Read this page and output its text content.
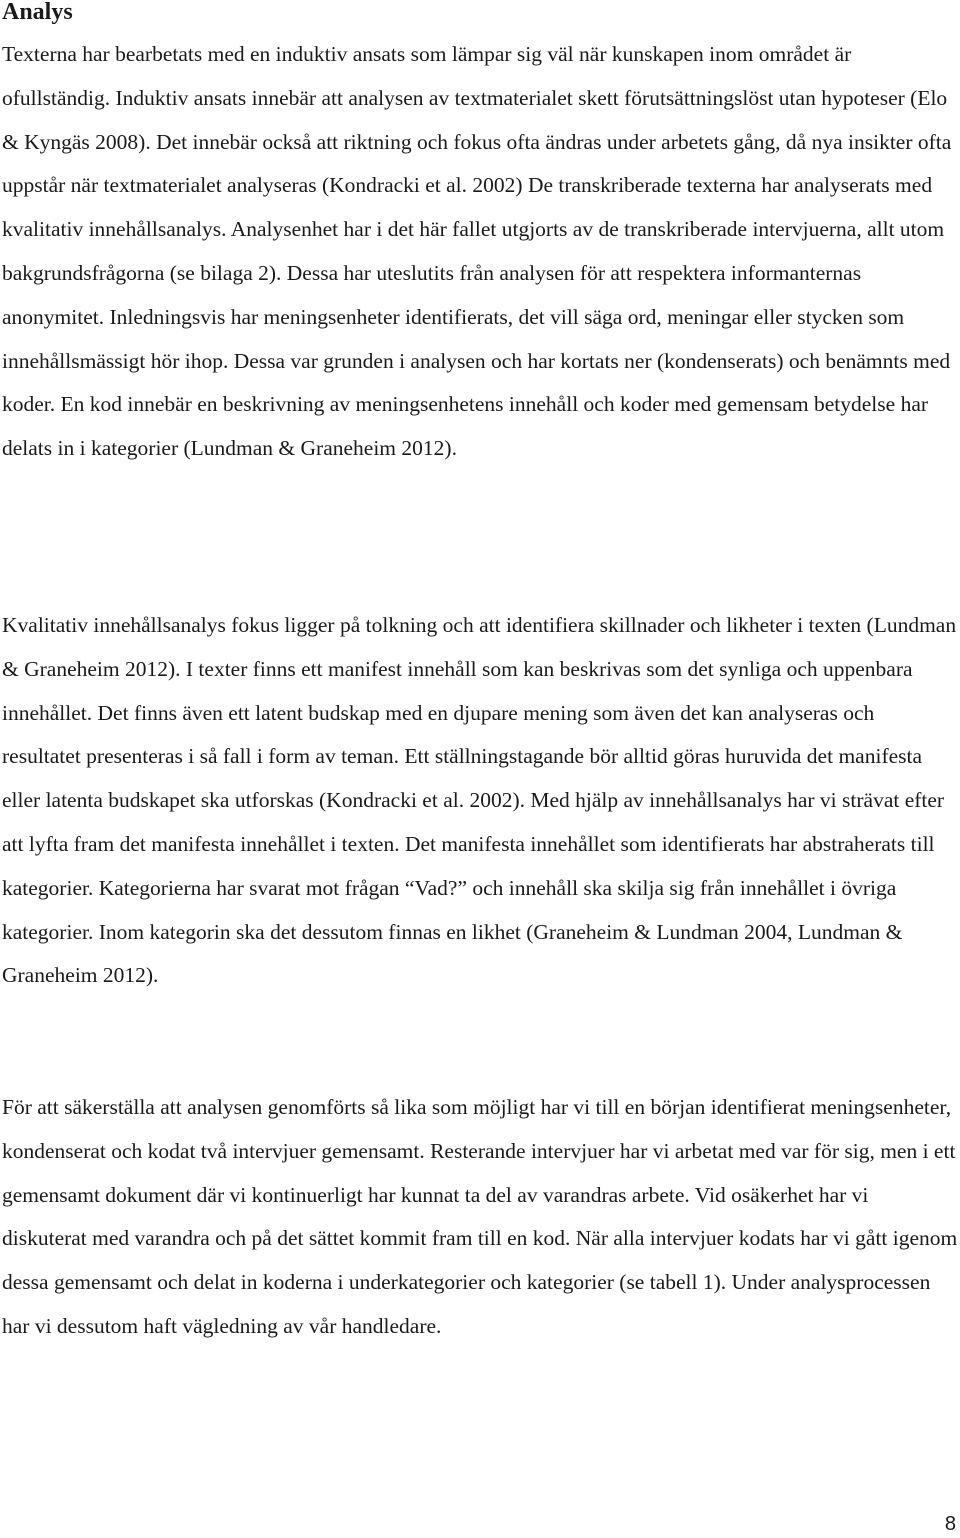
Analys

Texterna har bearbetats med en induktiv ansats som lämpar sig väl när kunskapen inom området är ofullständig. Induktiv ansats innebär att analysen av textmaterialet skett förutsättningslöst utan hypoteser (Elo & Kyngäs 2008). Det innebär också att riktning och fokus ofta ändras under arbetets gång, då nya insikter ofta uppstår när textmaterialet analyseras (Kondracki et al. 2002) De transkriberade texterna har analyserats med kvalitativ innehållsanalys. Analysenhet har i det här fallet utgjorts av de transkriberade intervjuerna, allt utom bakgrundsfrågorna (se bilaga 2). Dessa har uteslutits från analysen för att respektera informanternas anonymitet. Inledningsvis har meningsenheter identifierats, det vill säga ord, meningar eller stycken som innehållsmässigt hör ihop. Dessa var grunden i analysen och har kortats ner (kondenserats) och benämnts med koder. En kod innebär en beskrivning av meningsenhetens innehåll och koder med gemensam betydelse har delats in i kategorier (Lundman & Graneheim 2012).

Kvalitativ innehållsanalys fokus ligger på tolkning och att identifiera skillnader och likheter i texten (Lundman & Graneheim 2012). I texter finns ett manifest innehåll som kan beskrivas som det synliga och uppenbara innehållet. Det finns även ett latent budskap med en djupare mening som även det kan analyseras och resultatet presenteras i så fall i form av teman. Ett ställningstagande bör alltid göras huruvida det manifesta eller latenta budskapet ska utforskas (Kondracki et al. 2002). Med hjälp av innehållsanalys har vi strävat efter att lyfta fram det manifesta innehållet i texten. Det manifesta innehållet som identifierats har abstraherats till kategorier. Kategorierna har svarat mot frågan “Vad?” och innehåll ska skilja sig från innehållet i övriga kategorier. Inom kategorin ska det dessutom finnas en likhet (Graneheim & Lundman 2004, Lundman & Graneheim 2012).

För att säkerställa att analysen genomförts så lika som möjligt har vi till en början identifierat meningsenheter, kondenserat och kodat två intervjuer gemensamt. Resterande intervjuer har vi arbetat med var för sig, men i ett gemensamt dokument där vi kontinuerligt har kunnat ta del av varandras arbete. Vid osäkerhet har vi diskuterat med varandra och på det sättet kommit fram till en kod. När alla intervjuer kodats har vi gått igenom dessa gemensamt och delat in koderna i underkategorier och kategorier (se tabell 1). Under analysprocessen har vi dessutom haft vägledning av vår handledare.

8
